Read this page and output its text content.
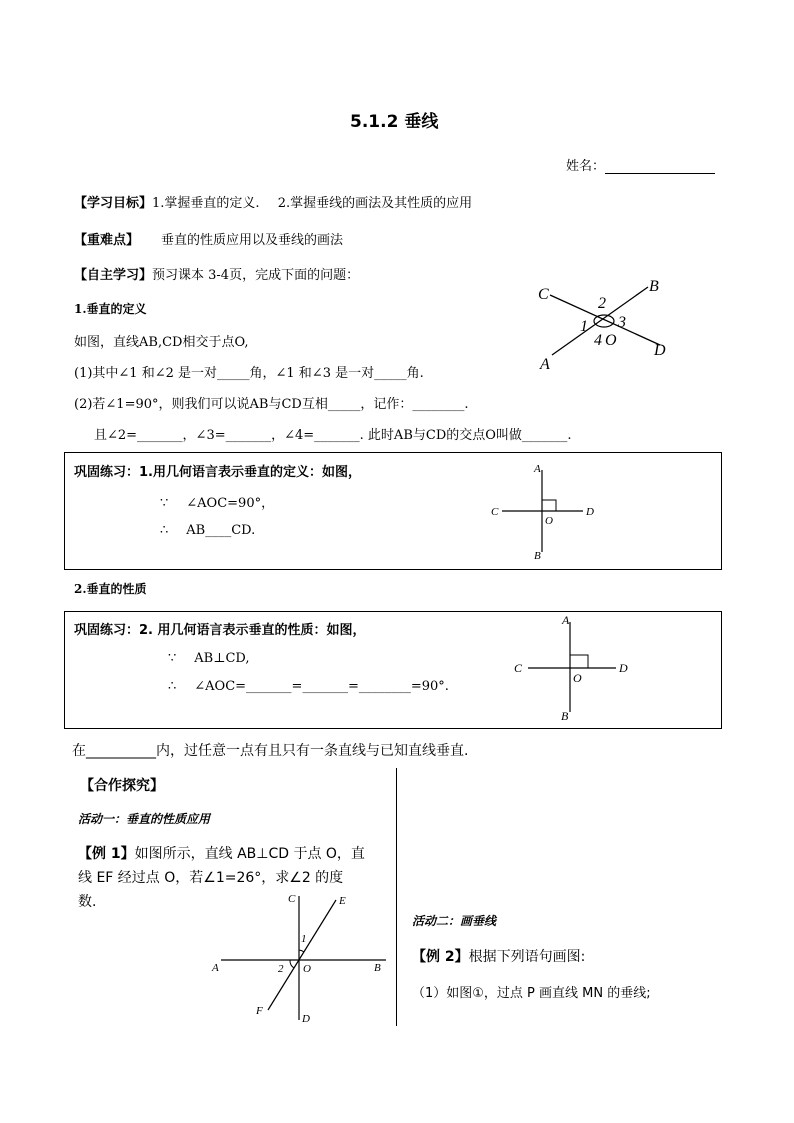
5.1.2 垂线
姓名：
【学习目标】1.掌握垂直的定义. 2.掌握垂线的画法及其性质的应用
【重难点】 垂直的性质应用以及垂线的画法
【自主学习】预习课本 3-4页，完成下面的问题：
1.垂直的定义
如图，直线AB,CD相交于点O,
(1)其中∠1 和∠2 是一对_____角，∠1 和∠3 是一对_____角.
(2)若∠1=90°，则我们可以说AB与CD互相_____，记作：________.
且∠2=_______，∠3=_______，∠4=_______. 此时AB与CD的交点O叫做_______.
C	B
2
1 3
4 O
A
D
巩固练习：1.用几何语言表示垂直的定义：如图，
∵ ∠AOC=90°，
∴ AB____CD.
A
C
O
D
B
2.垂直的性质
巩固练习：2. 用几何语言表示垂直的性质：如图，
∵ AB⊥CD,
∴ ∠AOC=_______=_______=________=90°.
A
C
O
D
B
在__________内，过任意一点有且只有一条直线与已知直线垂直.
【合作探究】
活动一：垂直的性质应用
【例 1】如图所示，直线 AB⊥CD 于点 O，直
线 EF 经过点 O，若∠1=26°，求∠2 的度
数.	C	E
1
A	2 O	B
F
D
活动二：画垂线
【例 2】根据下列语句画图:
（1）如图①，过点 P 画直线 MN 的垂线;
